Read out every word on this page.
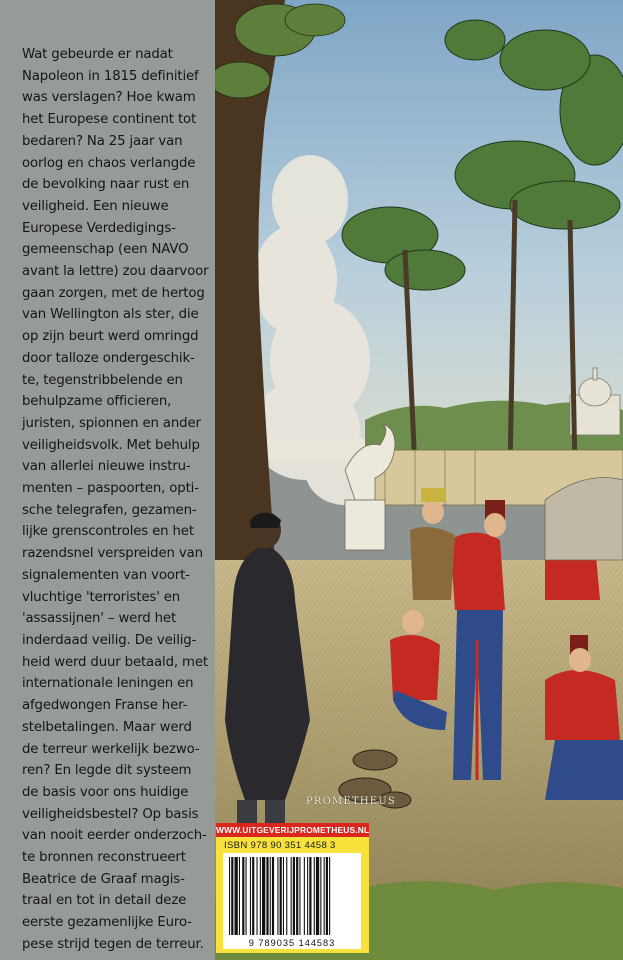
Wat gebeurde er nadat
Napoleon in 1815 definitief
was verslagen? Hoe kwam
het Europese continent tot
bedaren? Na 25 jaar van
oorlog en chaos verlangde
de bevolking naar rust en
veiligheid. Een nieuwe
Europese Verdedigings-
gemeenschap (een NAVO
avant la lettre) zou daarvoor
gaan zorgen, met de hertog
van Wellington als ster, die
op zijn beurt werd omringd
door talloze ondergeschik-
te, tegenstribbelende en
behulpzame officieren,
juristen, spionnen en ander
veiligheidsvolk. Met behulp
van allerlei nieuwe instru-
menten – paspoorten, opti-
sche telegrafen, gezamen-
lijke grenscontroles en het
razendsnel verspreiden van
signalementen van voort-
vluchtige 'terroristes' en
'assassijnen' – werd het
inderdaad veilig. De veilig-
heid werd duur betaald, met
internationale leningen en
afgedwongen Franse her-
stelbetalingen. Maar werd
de terreur werkelijk bezwo-
ren? En legde dit systeem
de basis voor ons huidige
veiligheidsbestel? Op basis
van nooit eerder onderzoch-
te bronnen reconstrueert
Beatrice de Graaf magis-
traal en tot in detail deze
eerste gezamenlijke Euro-
pese strijd tegen de terreur.

PROMETHEUS
WWW.UITGEVERIJPROMETHEUS.NL
ISBN 978 90 351 4458 3
9 789035 144583
